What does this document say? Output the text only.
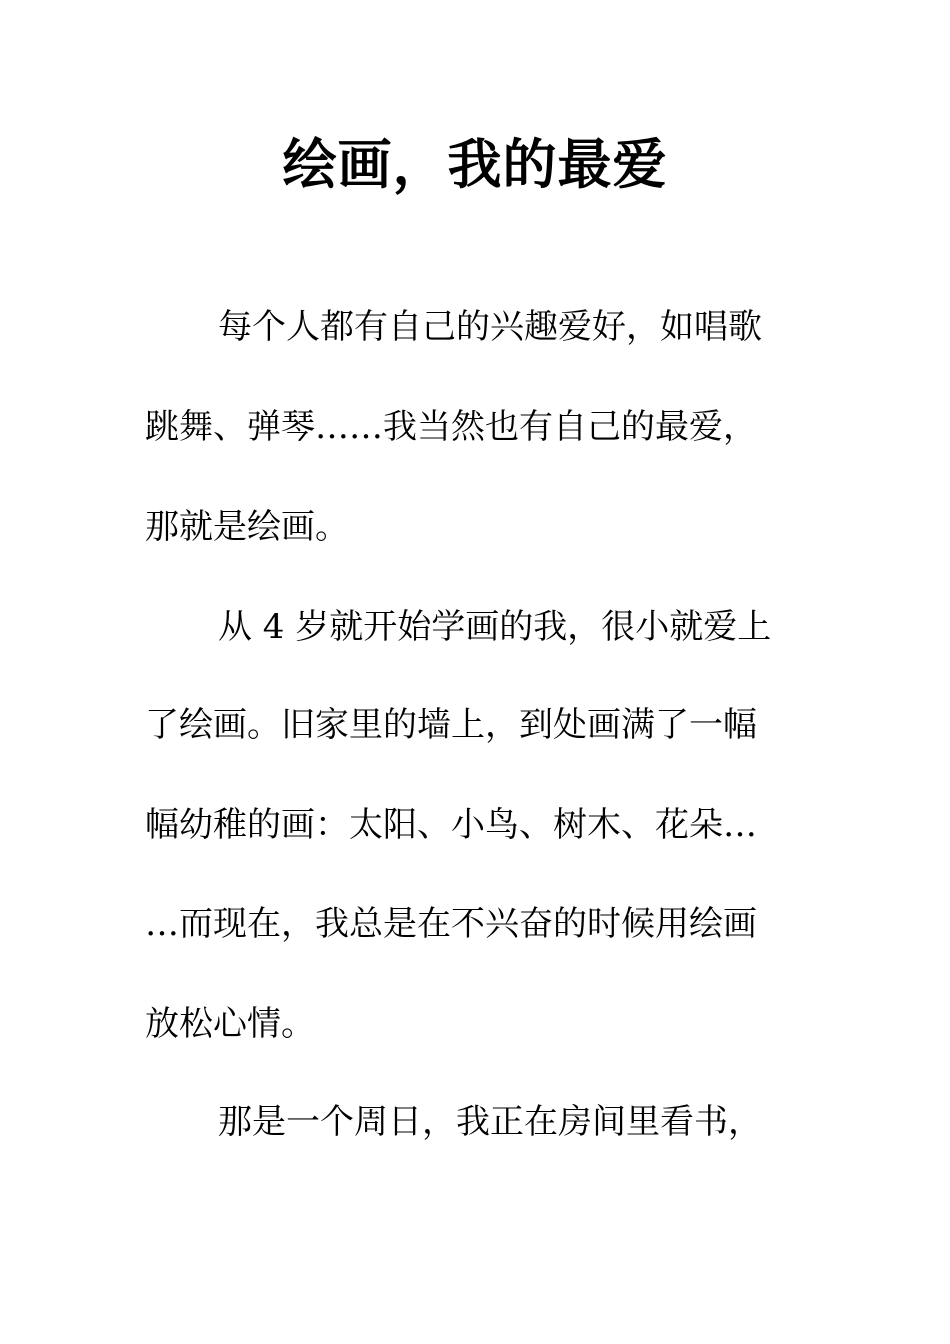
绘画，我的最爱

每个人都有自己的兴趣爱好，如唱歌

跳舞、弹琴……我当然也有自己的最爱，

那就是绘画。

从 4 岁就开始学画的我，很小就爱上

了绘画。旧家里的墙上，到处画满了一幅

幅幼稚的画：太阳、小鸟、树木、花朵…

…而现在，我总是在不兴奋的时候用绘画

放松心情。

那是一个周日，我正在房间里看书，
